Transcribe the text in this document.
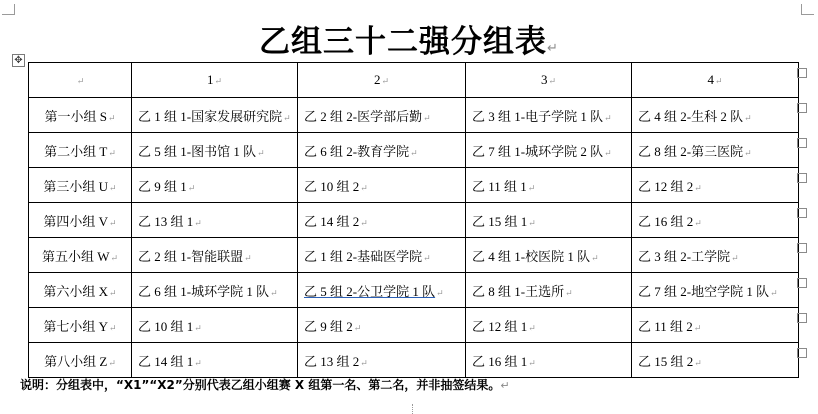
乙组三十二强分组表↵
✥
↵	1↵	2↵	3↵	4↵
第一小组 S↵	乙 1 组 1-国家发展研究院↵	乙 2 组 2-医学部后勤↵	乙 3 组 1-电子学院 1 队↵	乙 4 组 2-生科 2 队↵
第二小组 T↵	乙 5 组 1-图书馆 1 队↵	乙 6 组 2-教育学院↵	乙 7 组 1-城环学院 2 队↵	乙 8 组 2-第三医院↵
第三小组 U↵	乙 9 组 1↵	乙 10 组 2↵	乙 11 组 1↵	乙 12 组 2↵
第四小组 V↵	乙 13 组 1↵	乙 14 组 2↵	乙 15 组 1↵	乙 16 组 2↵
第五小组 W↵	乙 2 组 1-智能联盟↵	乙 1 组 2-基础医学院↵	乙 4 组 1-校医院 1 队↵	乙 3 组 2-工学院↵
第六小组 X↵	乙 6 组 1-城环学院 1 队↵	乙 5 组 2-公卫学院 1 队↵	乙 8 组 1-王选所↵	乙 7 组 2-地空学院 1 队↵
第七小组 Y↵	乙 10 组 1↵	乙 9 组 2↵	乙 12 组 1↵	乙 11 组 2↵
第八小组 Z↵	乙 14 组 1↵	乙 13 组 2↵	乙 16 组 1↵	乙 15 组 2↵
说明：分组表中，“X1”“X2”分别代表乙组小组赛 X 组第一名、第二名，并非抽签结果。↵
